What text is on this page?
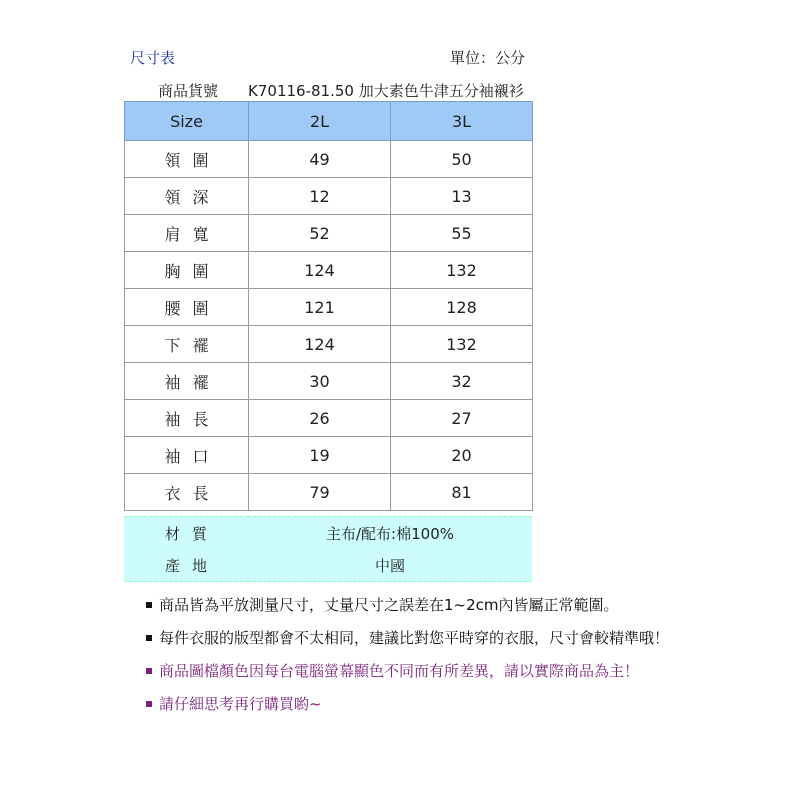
尺寸表	單位：公分
商品貨號 K70116-81.50 加大素色牛津五分袖襯衫
Size	2L	3L
領圍	49	50
領深	12	13
肩寬	52	55
胸圍	124	132
腰圍	121	128
下襬	124	132
袖襬	30	32
袖長	26	27
袖口	19	20
衣長	79	81
材質	主布/配布:棉100%
產地	中國
商品皆為平放測量尺寸，丈量尺寸之誤差在1~2cm內皆屬正常範圍。
每件衣服的版型都會不太相同，建議比對您平時穿的衣服，尺寸會較精準哦！
商品圖檔顏色因每台電腦螢幕顯色不同而有所差異，請以實際商品為主！
請仔細思考再行購買喲~
